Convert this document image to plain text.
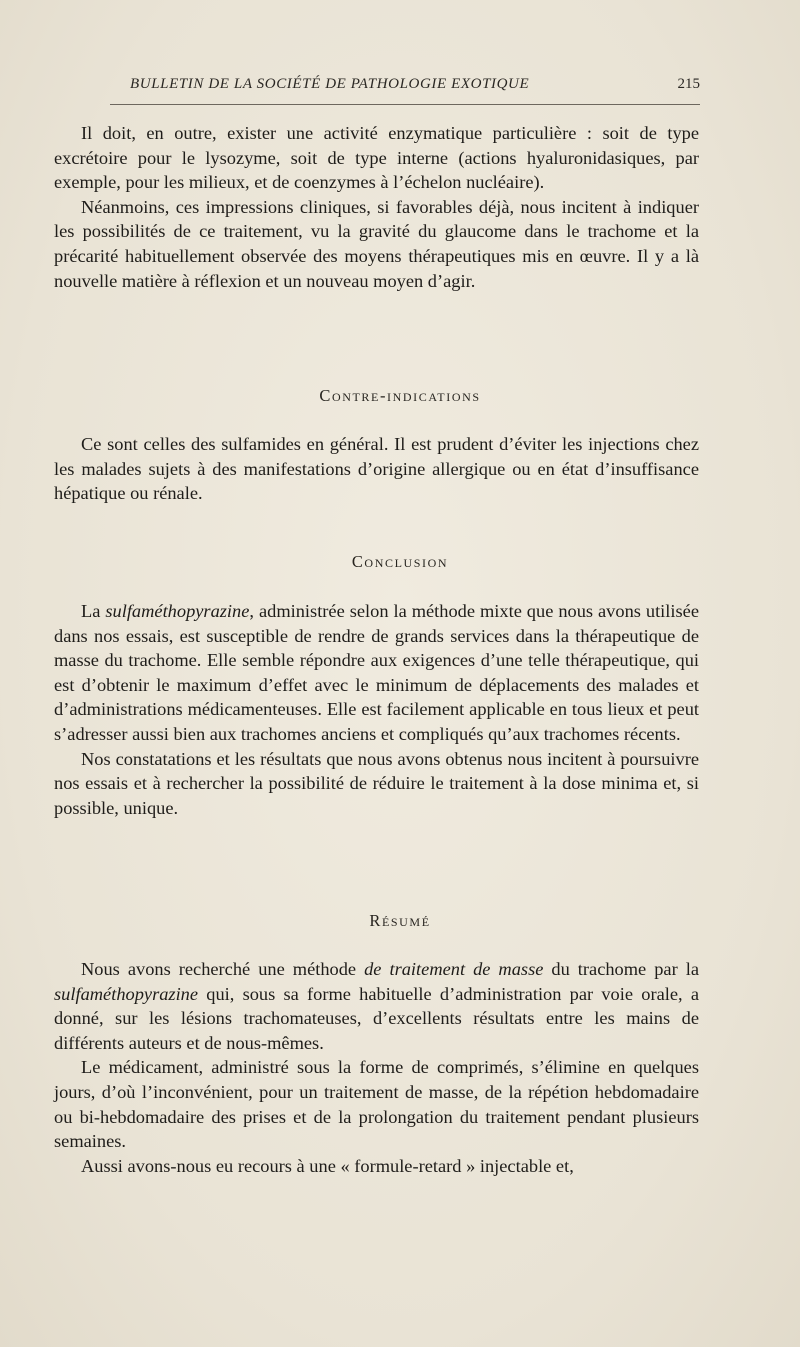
BULLETIN DE LA SOCIÉTÉ DE PATHOLOGIE EXOTIQUE	215

Il doit, en outre, exister une activité enzymatique particulière : soit de type excrétoire pour le lysozyme, soit de type interne (actions hyaluronidasiques, par exemple, pour les milieux, et de coenzymes à l’échelon nucléaire).

Néanmoins, ces impressions cliniques, si favorables déjà, nous incitent à indiquer les possibilités de ce traitement, vu la gravité du glaucome dans le trachome et la précarité habituellement observée des moyens thérapeutiques mis en œuvre. Il y a là nouvelle matière à réflexion et un nouveau moyen d’agir.

Contre-indications

Ce sont celles des sulfamides en général. Il est prudent d’éviter les injections chez les malades sujets à des manifestations d’origine allergique ou en état d’insuffisance hépatique ou rénale.

Conclusion

La sulfaméthopyrazine, administrée selon la méthode mixte que nous avons utilisée dans nos essais, est susceptible de rendre de grands services dans la thérapeutique de masse du trachome. Elle semble répondre aux exigences d’une telle thérapeutique, qui est d’obtenir le maximum d’effet avec le minimum de déplacements des malades et d’administrations médicamenteuses. Elle est facilement applicable en tous lieux et peut s’adresser aussi bien aux trachomes anciens et compliqués qu’aux trachomes récents.

Nos constatations et les résultats que nous avons obtenus nous incitent à poursuivre nos essais et à rechercher la possibilité de réduire le traitement à la dose minima et, si possible, unique.

Résumé

Nous avons recherché une méthode de traitement de masse du trachome par la sulfaméthopyrazine qui, sous sa forme habituelle d’administration par voie orale, a donné, sur les lésions trachomateuses, d’excellents résultats entre les mains de différents auteurs et de nous-mêmes.

Le médicament, administré sous la forme de comprimés, s’élimine en quelques jours, d’où l’inconvénient, pour un traitement de masse, de la répétion hebdomadaire ou bi-hebdomadaire des prises et de la prolongation du traitement pendant plusieurs semaines.

Aussi avons-nous eu recours à une « formule-retard » injectable et,
